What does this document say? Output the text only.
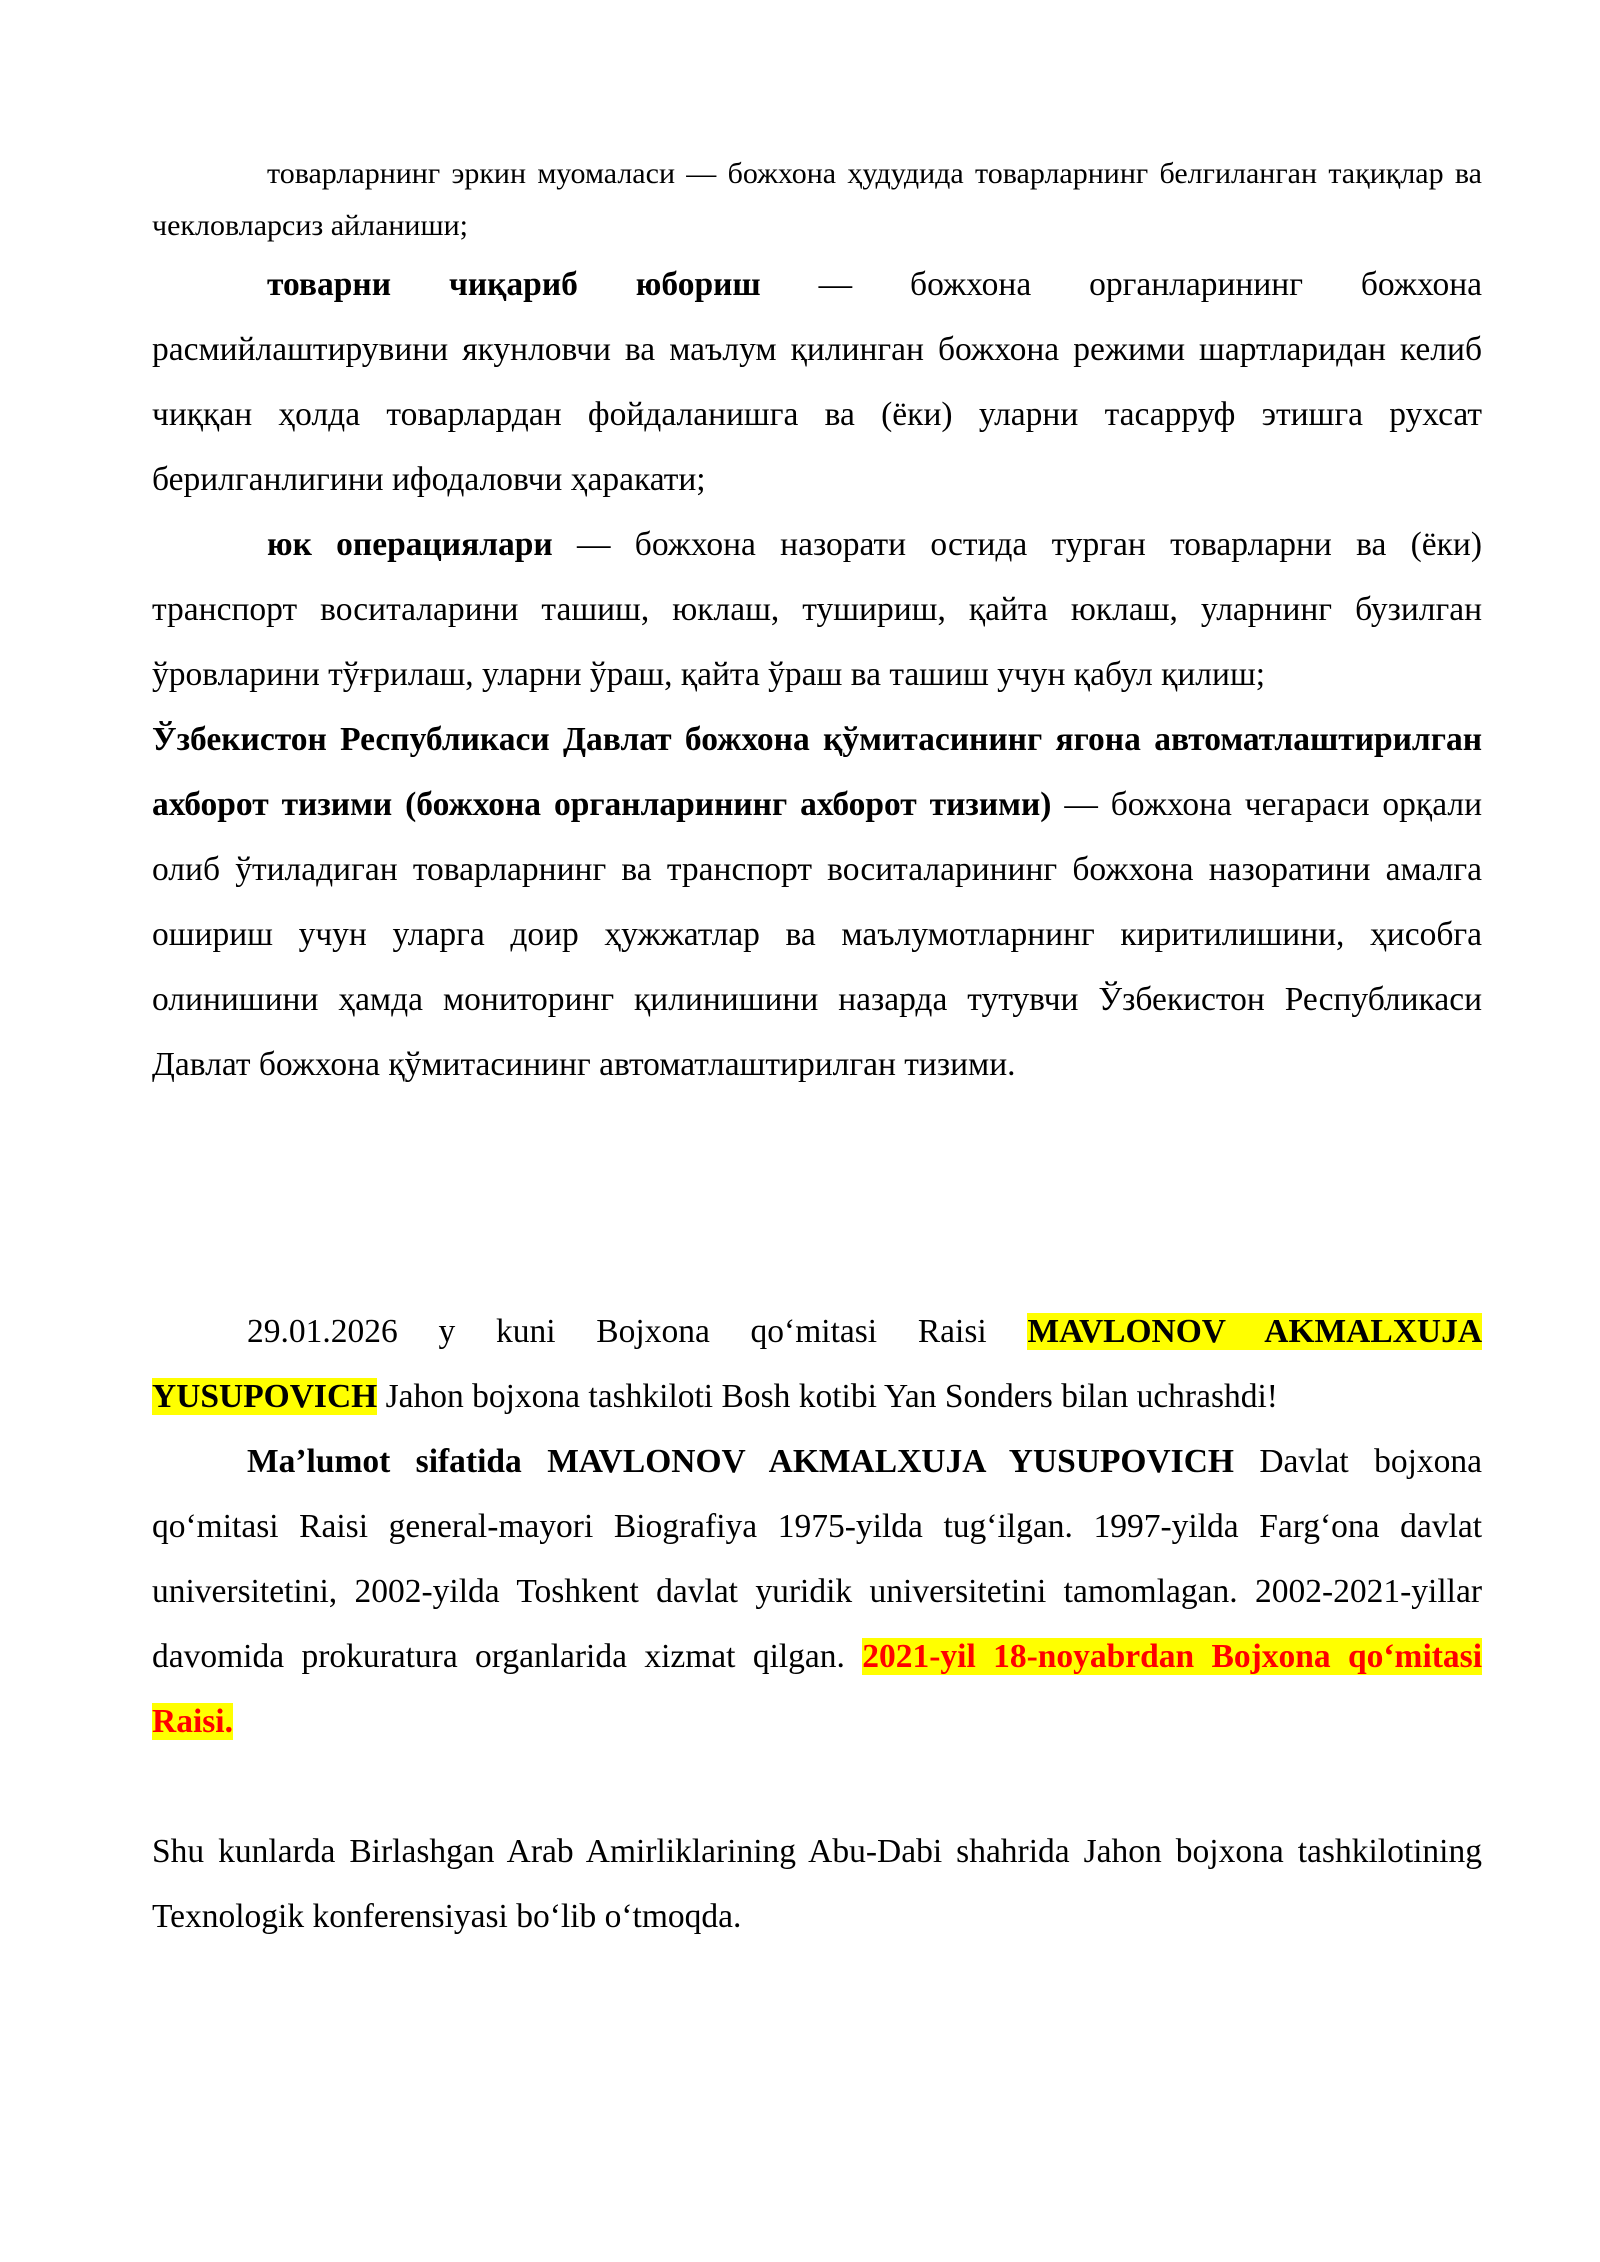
товарларнинг эркин муомаласи — божхона ҳудудида товарларнинг белгиланган тақиқлар ва чекловларсиз айланиши;

товарни чиқариб юбориш — божхона органларининг божхона расмийлаштирувини якунловчи ва маълум қилинган божхона режими шартларидан келиб чиққан ҳолда товарлардан фойдаланишга ва (ёки) уларни тасарруф этишга рухсат берилганлигини ифодаловчи ҳаракати;

юк операциялари — божхона назорати остида турган товарларни ва (ёки) транспорт воситаларини ташиш, юклаш, тушириш, қайта юклаш, уларнинг бузилган ўровларини тўғрилаш, уларни ўраш, қайта ўраш ва ташиш учун қабул қилиш;

Ўзбекистон Республикаси Давлат божхона қўмитасининг ягона автоматлаштирилган ахборот тизими (божхона органларининг ахборот тизими) — божхона чегараси орқали олиб ўтиладиган товарларнинг ва транспорт воситаларининг божхона назоратини амалга ошириш учун уларга доир ҳужжатлар ва маълумотларнинг киритилишини, ҳисобга олинишини ҳамда мониторинг қилинишини назарда тутувчи Ўзбекистон Республикаси Давлат божхона қўмитасининг автоматлаштирилган тизими.

29.01.2026 y kuni Bojxona qoʻmitasi Raisi MAVLONOV AKMALXUJA YUSUPOVICH Jahon bojxona tashkiloti Bosh kotibi Yan Sonders bilan uchrashdi!

Ma’lumot sifatida MAVLONOV AKMALXUJA YUSUPOVICH Davlat bojxona qoʻmitasi Raisi general-mayori Biografiya 1975-yilda tugʻilgan. 1997-yilda Fargʻona davlat universitetini, 2002-yilda Toshkent davlat yuridik universitetini tamomlagan. 2002-2021-yillar davomida prokuratura organlarida xizmat qilgan. 2021-yil 18-noyabrdan Bojxona qoʻmitasi Raisi.

Shu kunlarda Birlashgan Arab Amirliklarining Abu-Dabi shahrida Jahon bojxona tashkilotining Texnologik konferensiyasi boʻlib oʻtmoqda.
